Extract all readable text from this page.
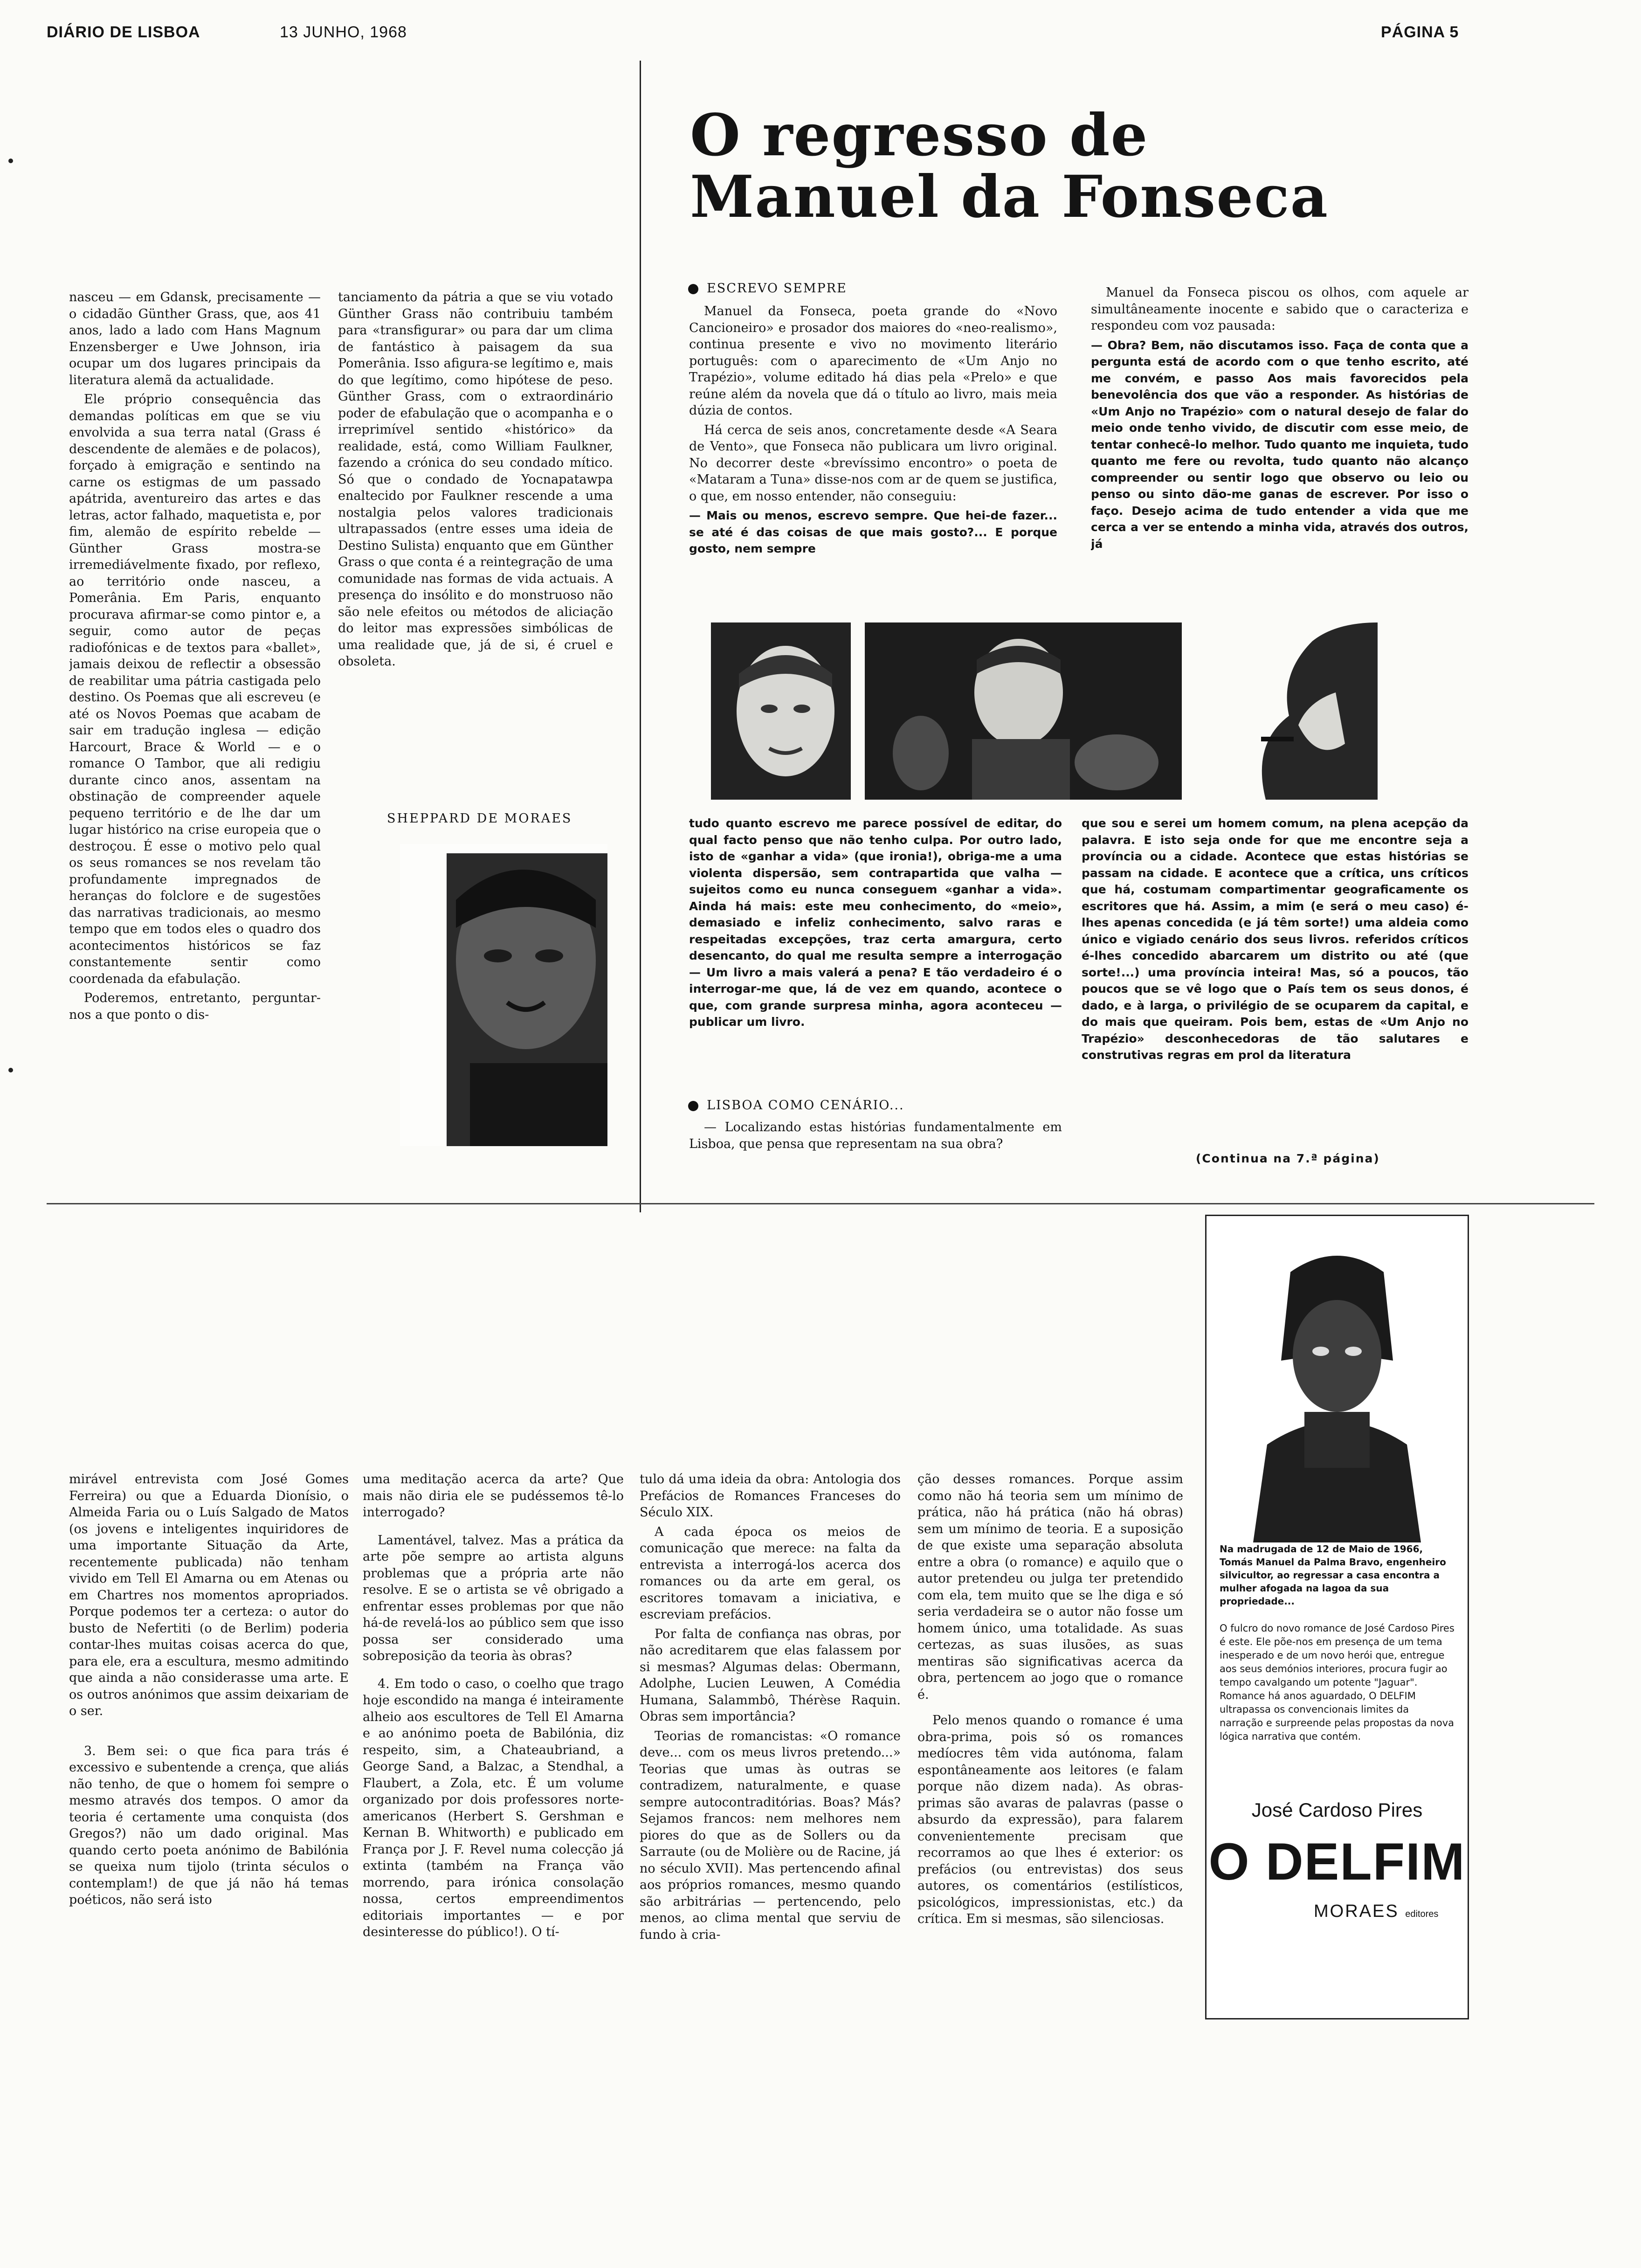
DIÁRIO DE LISBOA	13 JUNHO, 1968	PÁGINA 5
O regresso de
Manuel da Fonseca

nasceu — em Gdansk, precisamente — o cidadão Günther Grass, que, aos 41 anos, lado a lado com Hans Magnum Enzensberger e Uwe Johnson, iria ocupar um dos lugares principais da literatura alemã da actualidade.

Ele próprio consequência das demandas políticas em que se viu envolvida a sua terra natal (Grass é descendente de alemães e de polacos), forçado à emigração e sentindo na carne os estigmas de um passado apátrida, aventureiro das artes e das letras, actor falhado, maquetista e, por fim, alemão de espírito rebelde — Günther Grass mostra-se irremediávelmente fixado, por reflexo, ao território onde nasceu, a Pomerânia. Em Paris, enquanto procurava afirmar-se como pintor e, a seguir, como autor de peças radiofónicas e de textos para «ballet», jamais deixou de reflectir a obsessão de reabilitar uma pátria castigada pelo destino. Os Poemas que ali escreveu (e até os Novos Poemas que acabam de sair em tradução inglesa — edição Harcourt, Brace & World — e o romance O Tambor, que ali redigiu durante cinco anos, assentam na obstinação de compreender aquele pequeno território e de lhe dar um lugar histórico na crise europeia que o destroçou. É esse o motivo pelo qual os seus romances se nos revelam tão profundamente impregnados de heranças do folclore e de sugestões das narrativas tradicionais, ao mesmo tempo que em todos eles o quadro dos acontecimentos históricos se faz constantemente sentir como coordenada da efabulação.

Poderemos, entretanto, perguntar-nos a que ponto o dis-

tanciamento da pátria a que se viu votado Günther Grass não contribuiu também para «transfigurar» ou para dar um clima de fantástico à paisagem da sua Pomerânia. Isso afigura-se legítimo e, mais do que legítimo, como hipótese de peso. Günther Grass, com o extraordinário poder de efabulação que o acompanha e o irreprimível sentido «histórico» da realidade, está, como William Faulkner, fazendo a crónica do seu condado mítico. Só que o condado de Yocnapatawpa enaltecido por Faulkner rescende a uma nostalgia pelos valores tradicionais ultrapassados (entre esses uma ideia de Destino Sulista) enquanto que em Günther Grass o que conta é a reintegração de uma comunidade nas formas de vida actuais. A presença do insólito e do monstruoso não são nele efeitos ou métodos de aliciação do leitor mas expressões simbólicas de uma realidade que, já de si, é cruel e obsoleta.

SHEPPARD DE MORAES
ESCREVO SEMPRE

Manuel da Fonseca, poeta grande do «Novo Cancioneiro» e prosador dos maiores do «neo-realismo», continua presente e vivo no movimento literário português: com o aparecimento de «Um Anjo no Trapézio», volume editado há dias pela «Prelo» e que reúne além da novela que dá o título ao livro, mais meia dúzia de contos.

Há cerca de seis anos, concretamente desde «A Seara de Vento», que Fonseca não publicara um livro original. No decorrer deste «brevíssimo encontro» o poeta de «Mataram a Tuna» disse-nos com ar de quem se justifica, o que, em nosso entender, não conseguiu:

— Mais ou menos, escrevo sempre. Que hei-de fazer... se até é das coisas de que mais gosto?... E porque gosto, nem sempre

Manuel da Fonseca piscou os olhos, com aquele ar simultâneamente inocente e sabido que o caracteriza e respondeu com voz pausada:

— Obra? Bem, não discutamos isso. Faça de conta que a pergunta está de acordo com o que tenho escrito, até me convém, e passo Aos mais favorecidos pela benevolência dos que vão a responder. As histórias de «Um Anjo no Trapézio» com o natural desejo de falar do meio onde tenho vivido, de discutir com esse meio, de tentar conhecê-lo melhor. Tudo quanto me inquieta, tudo quanto me fere ou revolta, tudo quanto não alcanço compreender ou sentir logo que observo ou leio ou penso ou sinto dão-me ganas de escrever. Por isso o faço. Desejo acima de tudo entender a vida que me cerca a ver se entendo a minha vida, através dos outros, já

tudo quanto escrevo me parece possível de editar, do qual facto penso que não tenho culpa. Por outro lado, isto de «ganhar a vida» (que ironia!), obriga-me a uma violenta dispersão, sem contrapartida que valha — sujeitos como eu nunca conseguem «ganhar a vida». Ainda há mais: este meu conhecimento, do «meio», demasiado e infeliz conhecimento, salvo raras e respeitadas excepções, traz certa amargura, certo desencanto, do qual me resulta sempre a interrogação — Um livro a mais valerá a pena? E tão verdadeiro é o interrogar-me que, lá de vez em quando, acontece o que, com grande surpresa minha, agora aconteceu — publicar um livro.

LISBOA COMO CENÁRIO...

— Localizando estas histórias fundamentalmente em Lisboa, que pensa que representam na sua obra?

que sou e serei um homem comum, na plena acepção da palavra. E isto seja onde for que me encontre seja a província ou a cidade. Acontece que estas histórias se passam na cidade. E acontece que a crítica, uns críticos que há, costumam compartimentar geograficamente os escritores que há. Assim, a mim (e será o meu caso) é-lhes apenas concedida (e já têm sorte!) uma aldeia como único e vigiado cenário dos seus livros. referidos críticos é-lhes concedido abarcarem um distrito ou até (que sorte!...) uma província inteira! Mas, só a poucos, tão poucos que se vê logo que o País tem os seus donos, é dado, e à larga, o privilégio de se ocuparem da capital, e do mais que queiram. Pois bem, estas de «Um Anjo no Trapézio» desconhecedoras de tão salutares e construtivas regras em prol da literatura

(Continua na 7.ª página)

mirável entrevista com José Gomes Ferreira) ou que a Eduarda Dionísio, o Almeida Faria ou o Luís Salgado de Matos (os jovens e inteligentes inquiridores de uma importante Situação da Arte, recentemente publicada) não tenham vivido em Tell El Amarna ou em Atenas ou em Chartres nos momentos apropriados. Porque podemos ter a certeza: o autor do busto de Nefertiti (o de Berlim) poderia contar-lhes muitas coisas acerca do que, para ele, era a escultura, mesmo admitindo que ainda a não considerasse uma arte. E os outros anónimos que assim deixariam de o ser.

3. Bem sei: o que fica para trás é excessivo e subentende a crença, que aliás não tenho, de que o homem foi sempre o mesmo através dos tempos. O amor da teoria é certamente uma conquista (dos Gregos?) não um dado original. Mas quando certo poeta anónimo de Babilónia se queixa num tijolo (trinta séculos o contemplam!) de que já não há temas poéticos, não será isto

uma meditação acerca da arte? Que mais não diria ele se pudéssemos tê-lo interrogado?

Lamentável, talvez. Mas a prática da arte põe sempre ao artista alguns problemas que a própria arte não resolve. E se o artista se vê obrigado a enfrentar esses problemas por que não há-de revelá-los ao público sem que isso possa ser considerado uma sobreposição da teoria às obras?

4. Em todo o caso, o coelho que trago hoje escondido na manga é inteiramente alheio aos escultores de Tell El Amarna e ao anónimo poeta de Babilónia, diz respeito, sim, a Chateaubriand, a George Sand, a Balzac, a Stendhal, a Flaubert, a Zola, etc. É um volume organizado por dois professores norte-americanos (Herbert S. Gershman e Kernan B. Whitworth) e publicado em França por J. F. Revel numa colecção já extinta (também na França vão morrendo, para irónica consolação nossa, certos empreendimentos editoriais importantes — e por desinteresse do público!). O tí-

tulo dá uma ideia da obra: Antologia dos Prefácios de Romances Franceses do Século XIX.

A cada época os meios de comunicação que merece: na falta da entrevista a interrogá-los acerca dos romances ou da arte em geral, os escritores tomavam a iniciativa, e escreviam prefácios.

Por falta de confiança nas obras, por não acreditarem que elas falassem por si mesmas? Algumas delas: Obermann, Adolphe, Lucien Leuwen, A Comédia Humana, Salammbô, Thérèse Raquin. Obras sem importância?

Teorias de romancistas: «O romance deve... com os meus livros pretendo...» Teorias que umas às outras se contradizem, naturalmente, e quase sempre autocontraditórias. Boas? Más? Sejamos francos: nem melhores nem piores do que as de Sollers ou da Sarraute (ou de Molière ou de Racine, já no século XVII). Mas pertencendo afinal aos próprios romances, mesmo quando são arbitrárias — pertencendo, pelo menos, ao clima mental que serviu de fundo à cria-

ção desses romances. Porque assim como não há teoria sem um mínimo de prática, não há prática (não há obras) sem um mínimo de teoria. E a suposição de que existe uma separação absoluta entre a obra (o romance) e aquilo que o autor pretendeu ou julga ter pretendido com ela, tem muito que se lhe diga e só seria verdadeira se o autor não fosse um homem único, uma totalidade. As suas certezas, as suas ilusões, as suas mentiras são significativas acerca da obra, pertencem ao jogo que o romance é.

Pelo menos quando o romance é uma obra-prima, pois só os romances medíocres têm vida autónoma, falam espontâneamente aos leitores (e falam porque não dizem nada). As obras-primas são avaras de palavras (passe o absurdo da expressão), para falarem convenientemente precisam que recorramos ao que lhes é exterior: os prefácios (ou entrevistas) dos seus autores, os comentários (estilísticos, psicológicos, impressionistas, etc.) da crítica. Em si mesmas, são silenciosas.

Na madrugada de 12 de Maio de 1966, Tomás Manuel da Palma Bravo, engenheiro silvicultor, ao regressar a casa encontra a mulher afogada na lagoa da sua propriedade...
O fulcro do novo romance de José Cardoso Pires é este. Ele põe-nos em presença de um tema inesperado e de um novo herói que, entregue aos seus demónios interiores, procura fugir ao tempo cavalgando um potente "Jaguar". Romance há anos aguardado, O DELFIM ultrapassa os convencionais limites da narração e surpreende pelas propostas da nova lógica narrativa que contém.
José Cardoso Pires
O DELFIM
MORAES editores
